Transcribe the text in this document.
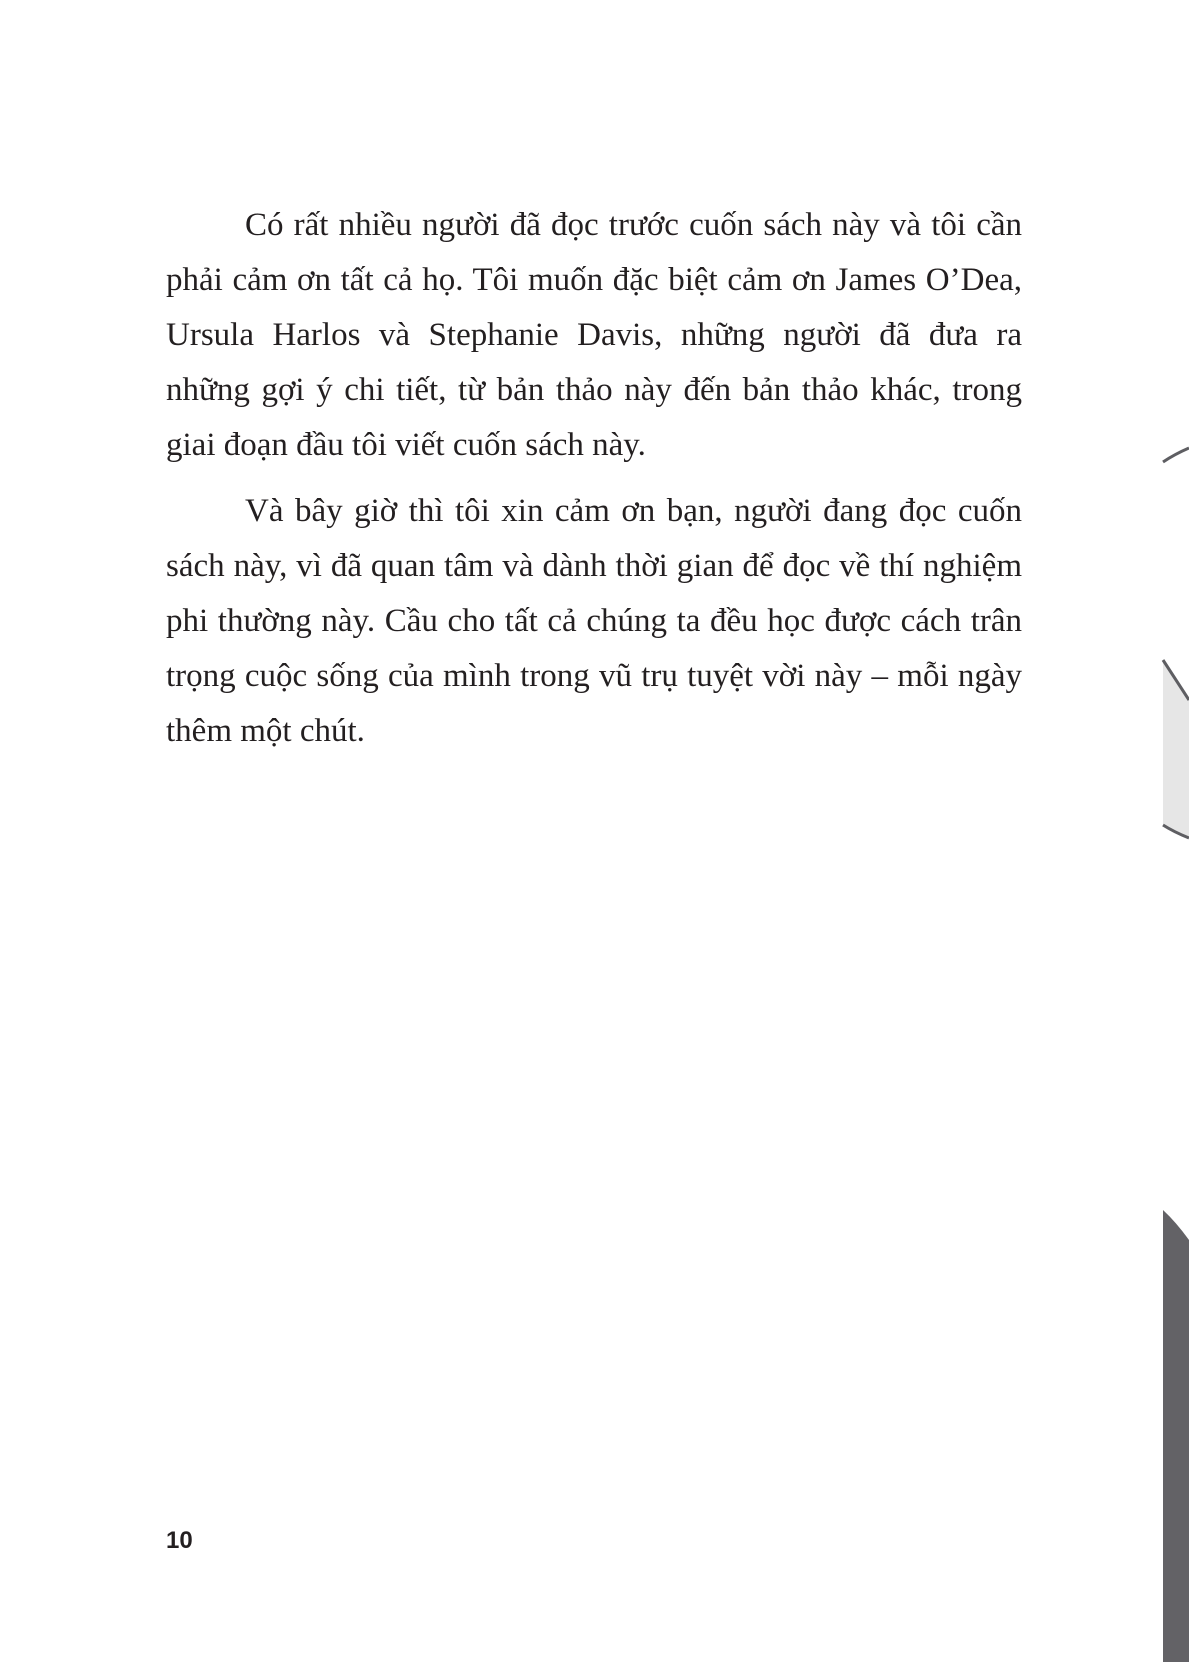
Có rất nhiều người đã đọc trước cuốn sách này và tôi cần phải cảm ơn tất cả họ. Tôi muốn đặc biệt cảm ơn James O’Dea, Ursula Harlos và Stephanie Davis, những người đã đưa ra những gợi ý chi tiết, từ bản thảo này đến bản thảo khác, trong giai đoạn đầu tôi viết cuốn sách này.

Và bây giờ thì tôi xin cảm ơn bạn, người đang đọc cuốn sách này, vì đã quan tâm và dành thời gian để đọc về thí nghiệm phi thường này. Cầu cho tất cả chúng ta đều học được cách trân trọng cuộc sống của mình trong vũ trụ tuyệt vời này – mỗi ngày thêm một chút.

10
